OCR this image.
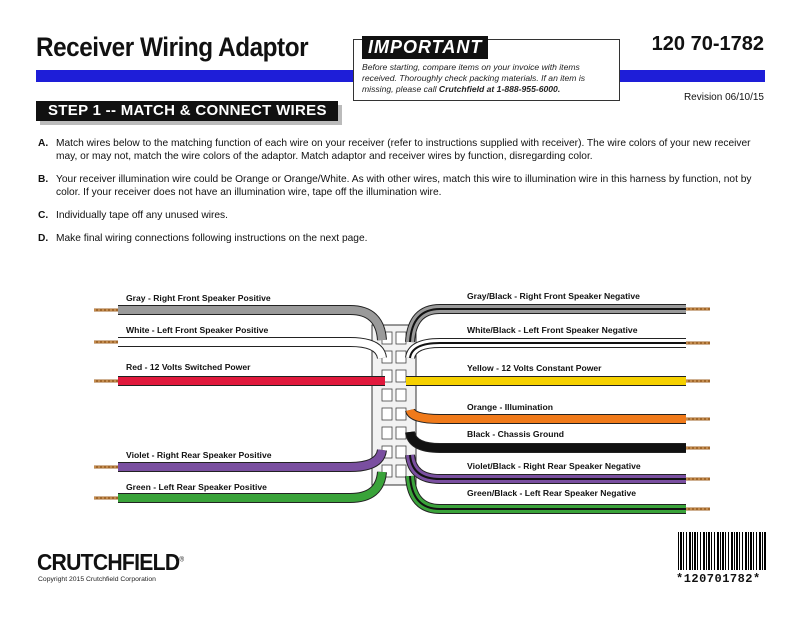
Receiver Wiring Adaptor	120 70-1782
IMPORTANT
Before starting, compare items on your invoice with items received. Thoroughly check packing materials. If an item is missing, please call Crutchfield at 1-888-955-6000.
Revision 06/10/15
STEP 1 -- MATCH & CONNECT WIRES
A. Match wires below to the matching function of each wire on your receiver (refer to instructions supplied with receiver). The wire colors of your new receiver may, or may not, match the wire colors of the adaptor. Match adaptor and receiver wires by function, disregarding color.
B. Your receiver illumination wire could be Orange or Orange/White. As with other wires, match this wire to illumination wire in this harness by function, not by color. If your receiver does not have an illumination wire, tape off the illumination wire.
C. Individually tape off any unused wires.
D. Make final wiring connections following instructions on the next page.
Gray - Right Front Speaker Positive
White - Left Front Speaker Positive
Red - 12 Volts Switched Power
Violet - Right Rear Speaker Positive
Green - Left Rear Speaker Positive
Gray/Black - Right Front Speaker Negative
White/Black - Left Front Speaker Negative
Yellow - 12 Volts Constant Power
Orange - Illumination
Black - Chassis Ground
Violet/Black - Right Rear Speaker Negative
Green/Black - Left Rear Speaker Negative
CRUTCHFIELD®
Copyright 2015 Crutchfield Corporation	*120701782*
